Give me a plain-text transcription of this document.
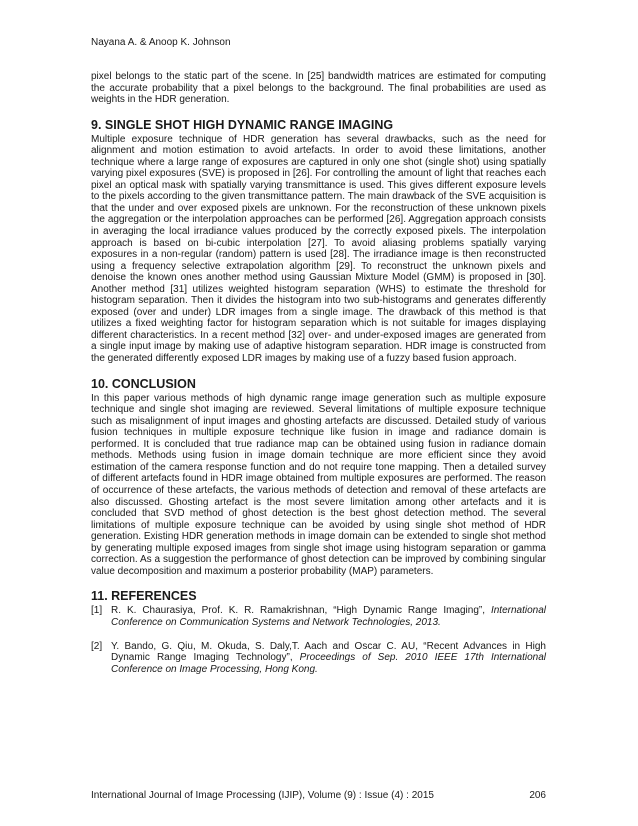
Nayana A. & Anoop K. Johnson

pixel belongs to the static part of the scene. In [25] bandwidth matrices are estimated for computing the accurate probability that a pixel belongs to the background. The final probabilities are used as weights in the HDR generation.

9. SINGLE SHOT HIGH DYNAMIC RANGE IMAGING

Multiple exposure technique of HDR generation has several drawbacks, such as the need for alignment and motion estimation to avoid artefacts. In order to avoid these limitations, another technique where a large range of exposures are captured in only one shot (single shot) using spatially varying pixel exposures (SVE) is proposed in [26]. For controlling the amount of light that reaches each pixel an optical mask with spatially varying transmittance is used. This gives different exposure levels to the pixels according to the given transmittance pattern. The main drawback of the SVE acquisition is that the under and over exposed pixels are unknown. For the reconstruction of these unknown pixels the aggregation or the interpolation approaches can be performed [26]. Aggregation approach consists in averaging the local irradiance values produced by the correctly exposed pixels. The interpolation approach is based on bi-cubic interpolation [27]. To avoid aliasing problems spatially varying exposures in a non-regular (random) pattern is used [28]. The irradiance image is then reconstructed using a frequency selective extrapolation algorithm [29]. To reconstruct the unknown pixels and denoise the known ones another method using Gaussian Mixture Model (GMM) is proposed in [30]. Another method [31] utilizes weighted histogram separation (WHS) to estimate the threshold for histogram separation. Then it divides the histogram into two sub-histograms and generates differently exposed (over and under) LDR images from a single image. The drawback of this method is that utilizes a fixed weighting factor for histogram separation which is not suitable for images displaying different characteristics. In a recent method [32] over- and under-exposed images are generated from a single input image by making use of adaptive histogram separation. HDR image is constructed from the generated differently exposed LDR images by making use of a fuzzy based fusion approach.

10. CONCLUSION

In this paper various methods of high dynamic range image generation such as multiple exposure technique and single shot imaging are reviewed. Several limitations of multiple exposure technique such as misalignment of input images and ghosting artefacts are discussed. Detailed study of various fusion techniques in multiple exposure technique like fusion in image and radiance domain is performed. It is concluded that true radiance map can be obtained using fusion in radiance domain methods. Methods using fusion in image domain technique are more efficient since they avoid estimation of the camera response function and do not require tone mapping. Then a detailed survey of different artefacts found in HDR image obtained from multiple exposures are performed. The reason of occurrence of these artefacts, the various methods of detection and removal of these artefacts are also discussed. Ghosting artefact is the most severe limitation among other artefacts and it is concluded that SVD method of ghost detection is the best ghost detection method. The several limitations of multiple exposure technique can be avoided by using single shot method of HDR generation. Existing HDR generation methods in image domain can be extended to single shot method by generating multiple exposed images from single shot image using histogram separation or gamma correction. As a suggestion the performance of ghost detection can be improved by combining singular value decomposition and maximum a posterior probability (MAP) parameters.

11. REFERENCES
[1] R. K. Chaurasiya, Prof. K. R. Ramakrishnan, “High Dynamic Range Imaging”, International Conference on Communication Systems and Network Technologies, 2013.
[2] Y. Bando, G. Qiu, M. Okuda, S. Daly,T. Aach and Oscar C. AU, “Recent Advances in High Dynamic Range Imaging Technology”, Proceedings of Sep. 2010 IEEE 17th International Conference on Image Processing, Hong Kong.
International Journal of Image Processing (IJIP), Volume (9) : Issue (4) : 2015	206
